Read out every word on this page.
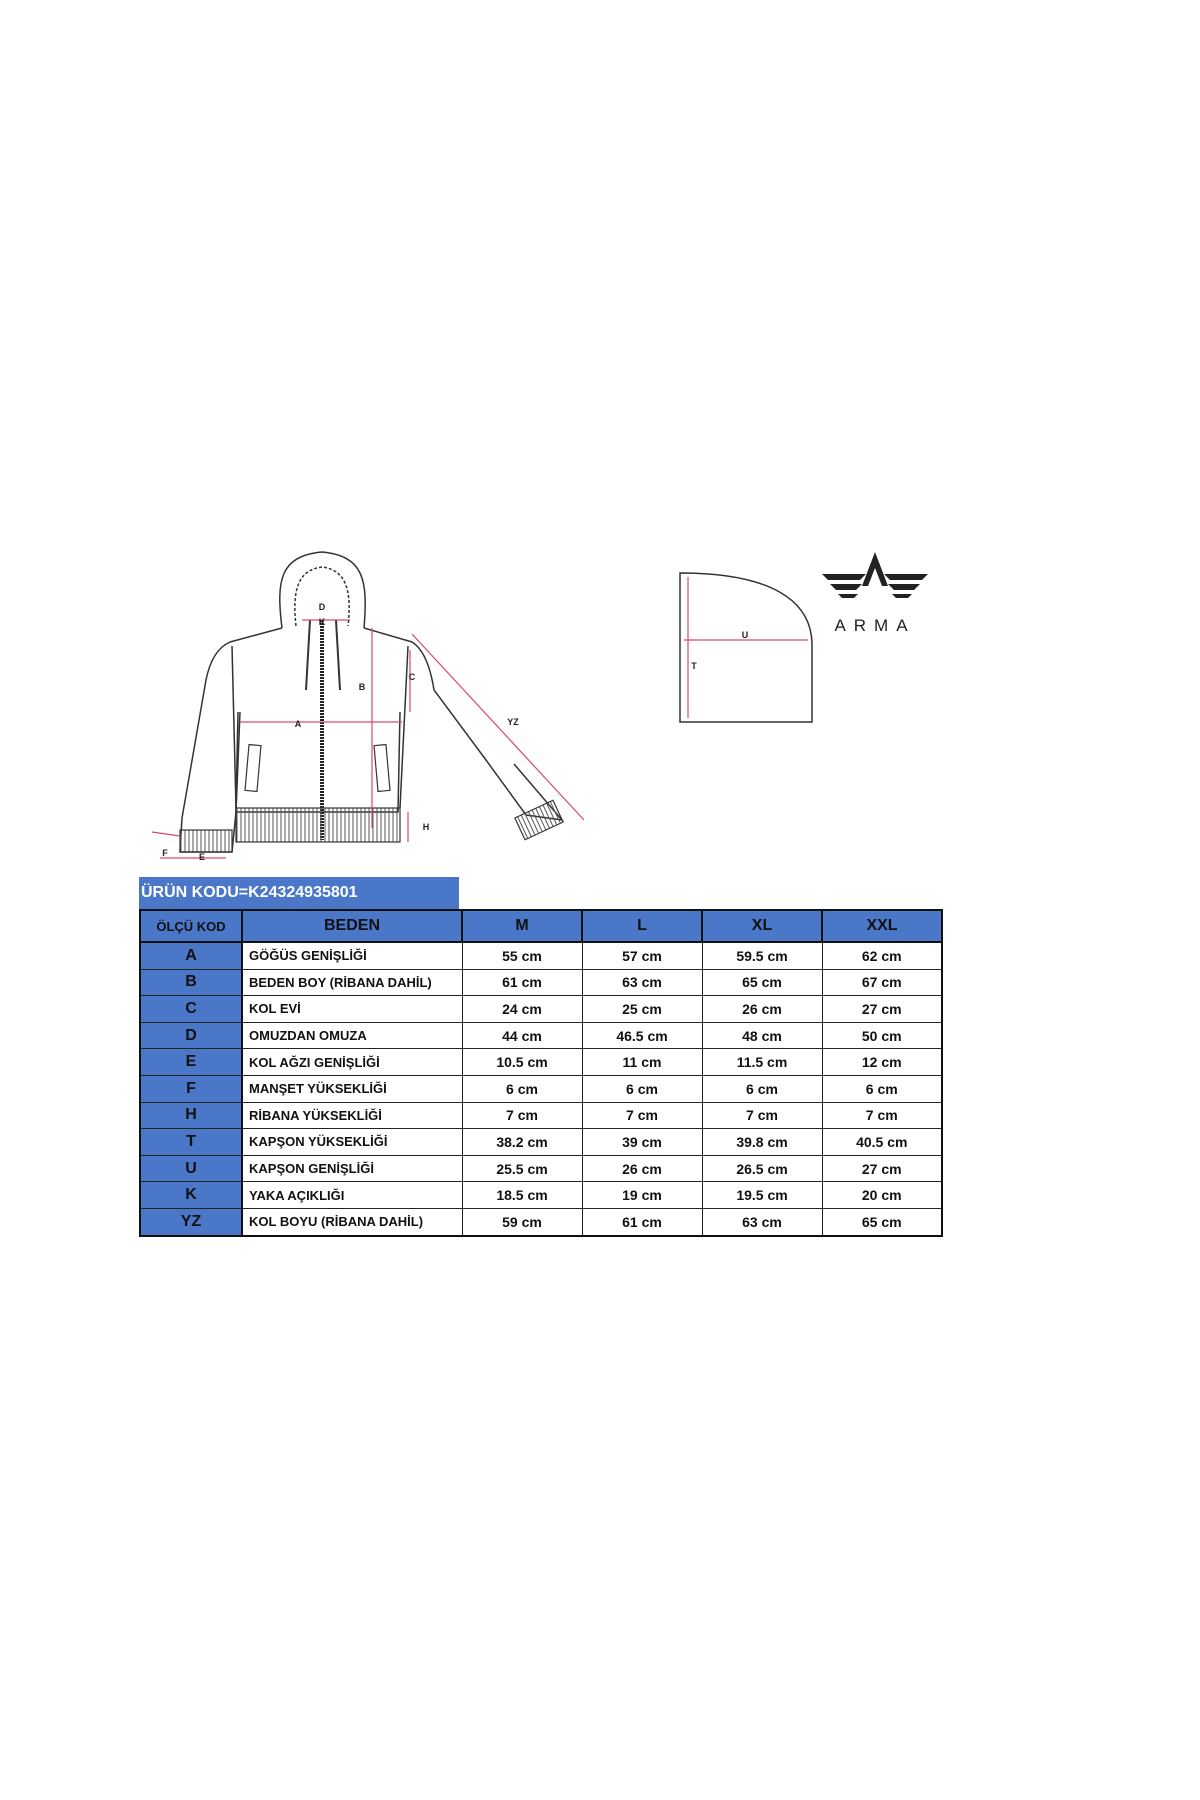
D
K
A
B
C
YZ
H
F	E
U
T
ARMA
ÜRÜN KODU=K24324935801
ÖLÇÜ KOD	BEDEN	M	L	XL	XXL
A	GÖĞÜS GENİŞLİĞİ	55 cm	57 cm	59.5 cm	62 cm
B	BEDEN BOY (RİBANA DAHİL)	61 cm	63 cm	65 cm	67 cm
C	KOL EVİ	24 cm	25 cm	26 cm	27 cm
D	OMUZDAN OMUZA	44 cm	46.5 cm	48 cm	50 cm
E	KOL AĞZI GENİŞLİĞİ	10.5 cm	11 cm	11.5 cm	12 cm
F	MANŞET YÜKSEKLİĞİ	6 cm	6 cm	6 cm	6 cm
H	RİBANA YÜKSEKLİĞİ	7 cm	7 cm	7 cm	7 cm
T	KAPŞON YÜKSEKLİĞİ	38.2 cm	39 cm	39.8 cm	40.5 cm
U	KAPŞON GENİŞLİĞİ	25.5 cm	26 cm	26.5 cm	27 cm
K	YAKA AÇIKLIĞI	18.5 cm	19 cm	19.5 cm	20 cm
YZ	KOL BOYU (RİBANA DAHİL)	59 cm	61 cm	63 cm	65 cm
